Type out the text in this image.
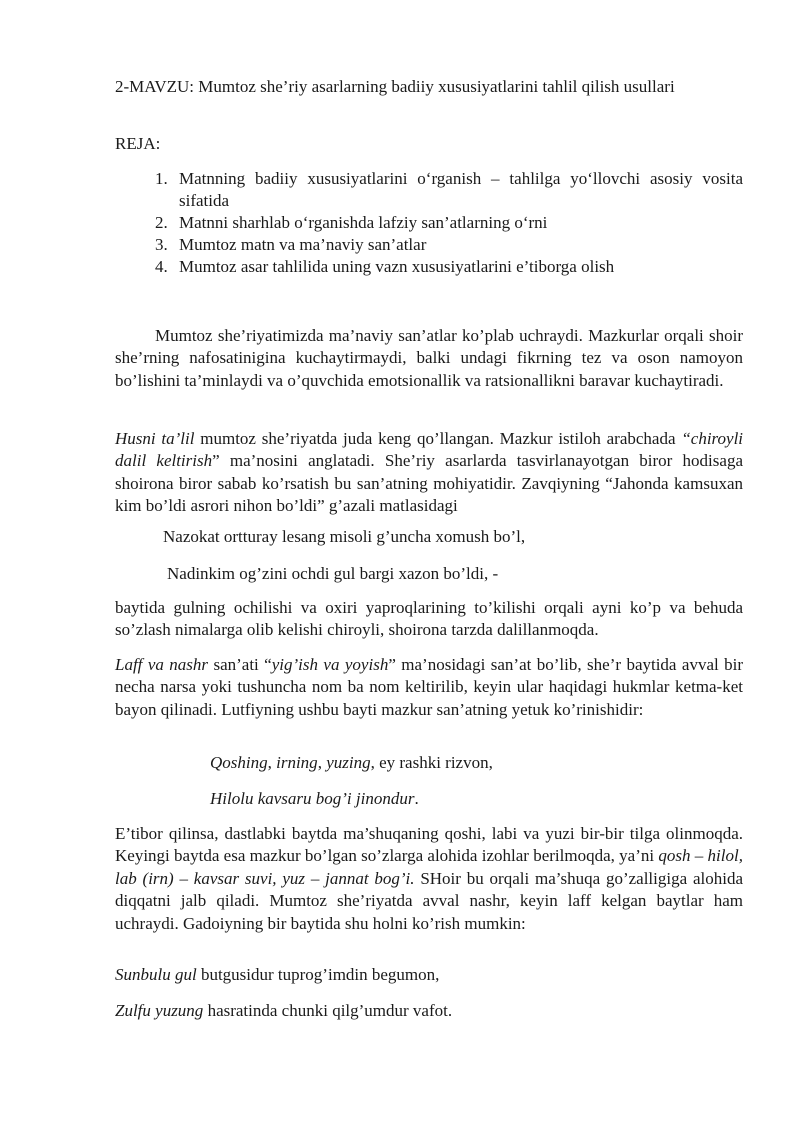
2-MAVZU: Mumtoz she’riy asarlarning badiiy xususiyatlarini tahlil qilish usullari

REJA:

1. Matnning badiiy xususiyatlarini o‘rganish – tahlilga yo‘llovchi asosiy vosita sifatida
2. Matnni sharhlab o‘rganishda lafziy san’atlarning o‘rni
3. Mumtoz matn va ma’naviy san’atlar
4. Mumtoz asar tahlilida uning vazn xususiyatlarini e’tiborga olish

Mumtoz she’riyatimizda ma’naviy san’atlar ko’plab uchraydi. Mazkurlar orqali shoir she’rning nafosatinigina kuchaytirmaydi, balki undagi fikrning tez va oson namoyon bo’lishini ta’minlaydi va o’quvchida emotsionallik va ratsionallikni baravar kuchaytiradi.

Husni ta’lil mumtoz she’riyatda juda keng qo’llangan. Mazkur istiloh arabchada “chiroyli dalil keltirish” ma’nosini anglatadi. She’riy asarlarda tasvirlanayotgan biror hodisaga shoirona biror sabab ko’rsatish bu san’atning mohiyatidir. Zavqiyning “Jahonda kamsuxan kim bo’ldi asrori nihon bo’ldi” g’azali matlasidagi

Nazokat ortturay lesang misoli g’uncha xomush bo’l,

Nadinkim og’zini ochdi gul bargi xazon bo’ldi, -

baytida gulning ochilishi va oxiri yaproqlarining to’kilishi orqali ayni ko’p va behuda so’zlash nimalarga olib kelishi chiroyli, shoirona tarzda dalillanmoqda.

Laff va nashr san’ati “yig’ish va yoyish” ma’nosidagi san’at bo’lib, she’r baytida avval bir necha narsa yoki tushuncha nom ba nom keltirilib, keyin ular haqidagi hukmlar ketma-ket bayon qilinadi. Lutfiyning ushbu bayti mazkur san’atning yetuk ko’rinishidir:

Qoshing, irning, yuzing, ey rashki rizvon,

Hilolu kavsaru bog’i jinondur.

E’tibor qilinsa, dastlabki baytda ma’shuqaning qoshi, labi va yuzi bir-bir tilga olinmoqda. Keyingi baytda esa mazkur bo’lgan so’zlarga alohida izohlar berilmoqda, ya’ni qosh – hilol, lab (irn) – kavsar suvi, yuz – jannat bog’i. SHoir bu orqali ma’shuqa go’zalligiga alohida diqqatni jalb qiladi. Mumtoz she’riyatda avval nashr, keyin laff kelgan baytlar ham uchraydi. Gadoiyning bir baytida shu holni ko’rish mumkin:

Sunbulu gul butgusidur tuprog’imdin begumon,

Zulfu yuzung hasratinda chunki qilg’umdur vafot.
